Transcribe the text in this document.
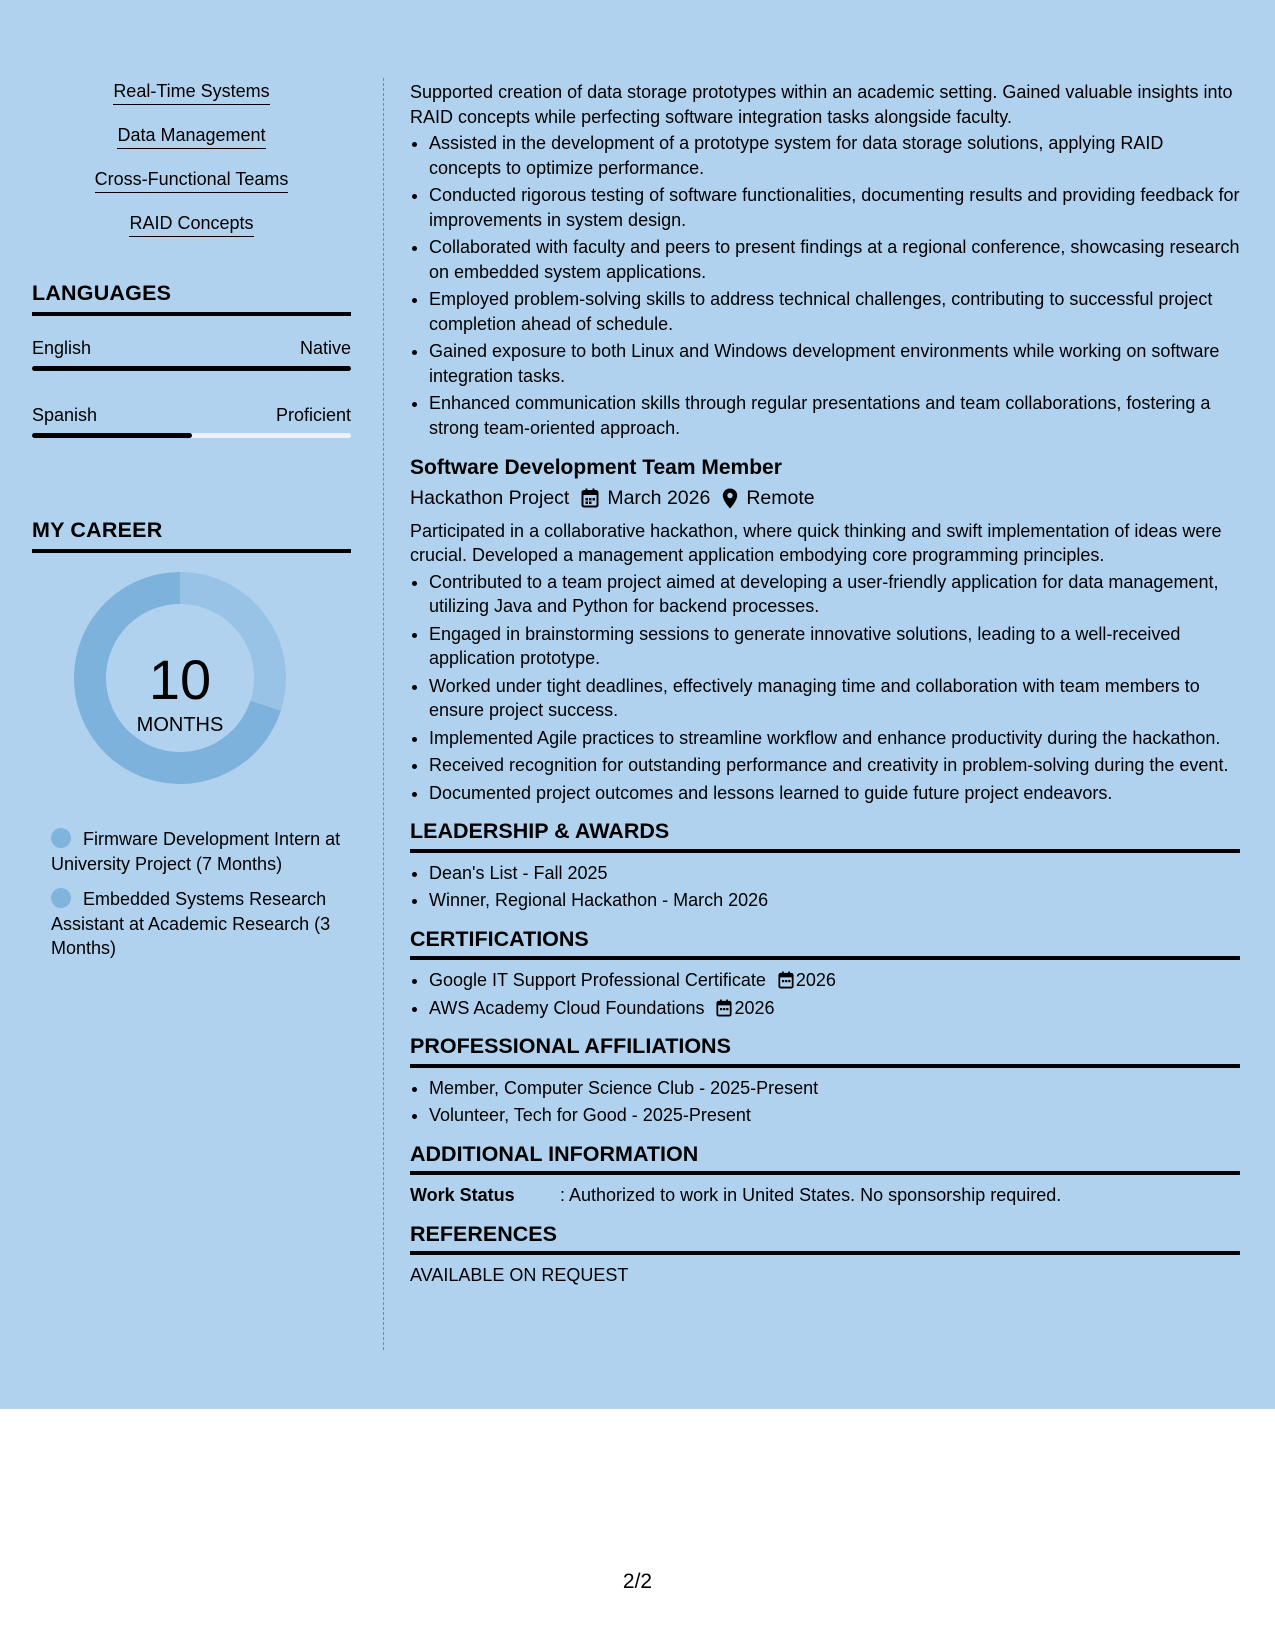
Real-Time Systems
Data Management
Cross-Functional Teams
RAID Concepts
LANGUAGES
English	Native
Spanish	Proficient
MY CAREER
10
MONTHS
Firmware Development Intern at University Project (7 Months)
Embedded Systems Research Assistant at Academic Research (3 Months)

Supported creation of data storage prototypes within an academic setting. Gained valuable insights into RAID concepts while perfecting software integration tasks alongside faculty.

• Assisted in the development of a prototype system for data storage solutions, applying RAID concepts to optimize performance.
• Conducted rigorous testing of software functionalities, documenting results and providing feedback for improvements in system design.
• Collaborated with faculty and peers to present findings at a regional conference, showcasing research on embedded system applications.
• Employed problem-solving skills to address technical challenges, contributing to successful project completion ahead of schedule.
• Gained exposure to both Linux and Windows development environments while working on software integration tasks.
• Enhanced communication skills through regular presentations and team collaborations, fostering a strong team-oriented approach.
Software Development Team Member
Hackathon Project March 2026 Remote

Participated in a collaborative hackathon, where quick thinking and swift implementation of ideas were crucial. Developed a management application embodying core programming principles.

• Contributed to a team project aimed at developing a user-friendly application for data management, utilizing Java and Python for backend processes.
• Engaged in brainstorming sessions to generate innovative solutions, leading to a well-received application prototype.
• Worked under tight deadlines, effectively managing time and collaboration with team members to ensure project success.
• Implemented Agile practices to streamline workflow and enhance productivity during the hackathon.
• Received recognition for outstanding performance and creativity in problem-solving during the event.
• Documented project outcomes and lessons learned to guide future project endeavors.
LEADERSHIP & AWARDS
• Dean's List - Fall 2025
• Winner, Regional Hackathon - March 2026
CERTIFICATIONS
• Google IT Support Professional Certificate 2026
• AWS Academy Cloud Foundations 2026
PROFESSIONAL AFFILIATIONS
• Member, Computer Science Club - 2025-Present
• Volunteer, Tech for Good - 2025-Present
ADDITIONAL INFORMATION
Work Status	: Authorized to work in United States. No sponsorship required.
REFERENCES

AVAILABLE ON REQUEST

2/2
